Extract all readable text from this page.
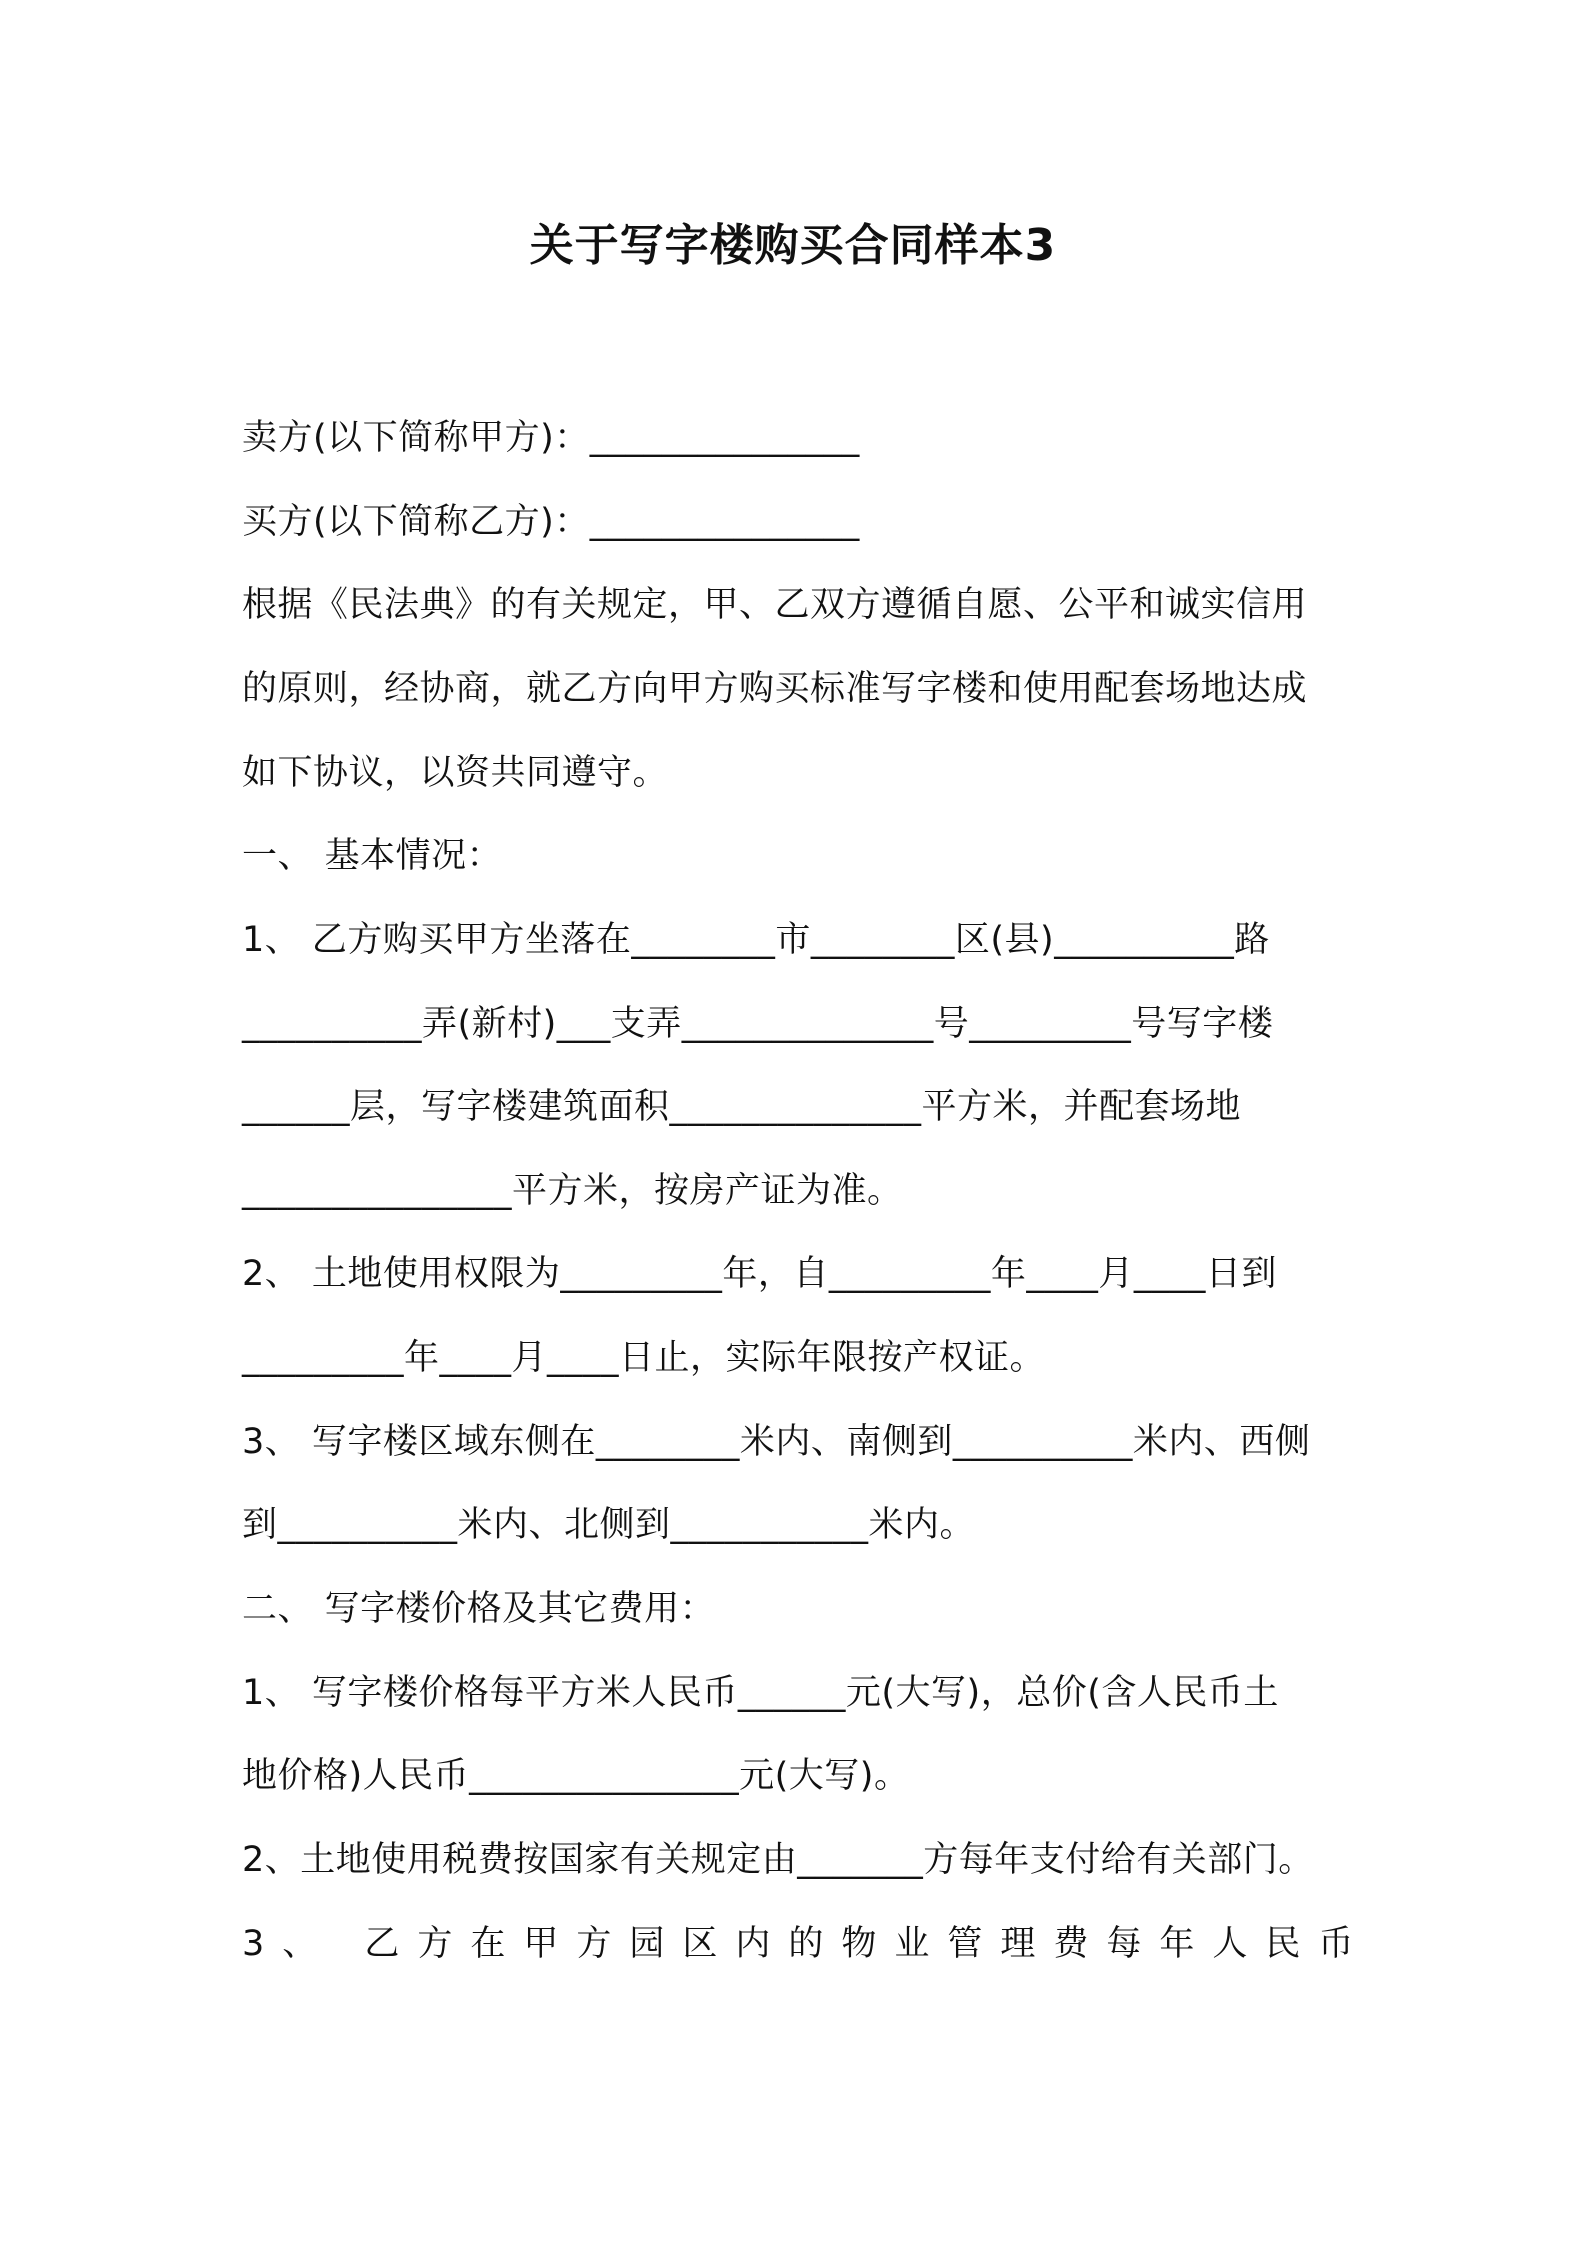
关于写字楼购买合同样本3
卖方(以下简称甲方)：_______________
买方(以下简称乙方)：_______________
根据《民法典》的有关规定，甲、乙双方遵循自愿、公平和诚实信用
的原则，经协商，就乙方向甲方购买标准写字楼和使用配套场地达成
如下协议，以资共同遵守。
一、 基本情况：
1、 乙方购买甲方坐落在________市________区(县)__________路
__________弄(新村)___支弄______________号_________号写字楼
______层，写字楼建筑面积______________平方米，并配套场地
_______________平方米，按房产证为准。
2、 土地使用权限为_________年，自_________年____月____日到
_________年____月____日止，实际年限按产权证。
3、 写字楼区域东侧在________米内、南侧到__________米内、西侧
到__________米内、北侧到___________米内。
二、 写字楼价格及其它费用：
1、 写字楼价格每平方米人民币______元(大写)，总价(含人民币土
地价格)人民币_______________元(大写)。
2、土地使用税费按国家有关规定由_______方每年支付给有关部门。
3、 乙方在甲方园区内的物业管理费每年人民币
